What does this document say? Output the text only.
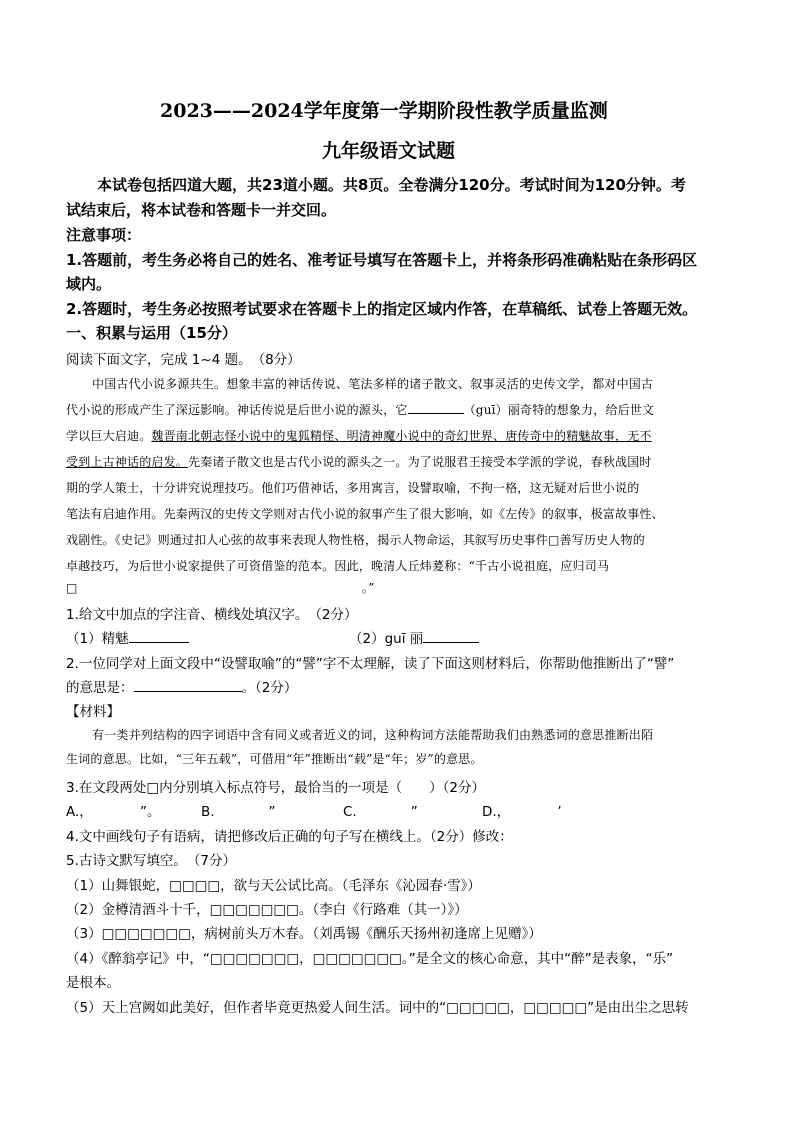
2023——2024学年度第一学期阶段性教学质量监测
九年级语文试题
本试卷包括四道大题，共23道小题。共8页。全卷满分120分。考试时间为120分钟。考
试结束后，将本试卷和答题卡一并交回。
注意事项：
1.答题前，考生务必将自己的姓名、准考证号填写在答题卡上，并将条形码准确粘贴在条形码区
域内。
2.答题时，考生务必按照考试要求在答题卡上的指定区域内作答，在草稿纸、试卷上答题无效。
一、积累与运用（15分）
阅读下面文字，完成 1~4 题。　（8分）
中国古代小说多源共生。想象丰富的神话传说、笔法多样的诸子散文、叙事灵活的史传文学，都对中国古
代小说的形成产生了深远影响。神话传说是后世小说的源头，它	（guī）丽奇特的想象力，给后世文
学以巨大启迪。魏晋南北朝志怪小说中的鬼狐精怪、明清神魔小说中的奇幻世界、唐传奇中的精魅故事，无不
受到上古神话的启发。先秦诸子散文也是古代小说的源头之一。为了说服君王接受本学派的学说，春秋战国时
期的学人策士，十分讲究说理技巧。他们巧借神话，多用寓言，设譬取喻，不拘一格，这无疑对后世小说的
笔法有启迪作用。先秦两汉的史传文学则对古代小说的叙事产生了很大影响，如《左传》的叙事，极富故事性、
戏剧性。《史记》则通过扣人心弦的故事来表现人物性格，揭示人物命运，其叙写历史事件□善写历史人物的
卓越技巧，为后世小说家提供了可资借鉴的范本。因此，晚清人丘炜萲称：“千古小说祖庭，应归司马
□	。”
1.给文中加点的字注音、横线处填汉字。　（2分）
（1）精魅	（2）guī 丽
2.一位同学对上面文段中“设譬取喻”的“譬”字不太理解，读了下面这则材料后，你帮助他推断出了“譬”
的意思是：	。（2分）
【材料】
有一类并列结构的四字词语中含有同义或者近义的词，这种构词方法能帮助我们由熟悉词的意思推断出陌
生词的意思。比如，“三年五载”，可借用“年”推断出“载”是“年；岁”的意思。
3.在文段两处□内分别填入标点符号，最恰当的一项是（　　）（2分）
A.，　　　　”。	B.　　　　”	C.　　　　”	D.，　　　　’
4.文中画线句子有语病，请把修改后正确的句子写在横线上。（2分）修改：
5.古诗文默写填空。　（7分）
（1）山舞银蛇，□□□□，欲与天公试比高。（毛泽东《沁园春·雪》）
（2）金樽清酒斗十千，□□□□□□□。（李白《行路难（其一）》）
（3）□□□□□□□，病树前头万木春。（刘禹锡《酬乐天扬州初逢席上见赠》）
（4）《醉翁亭记》中，“□□□□□□□，□□□□□□□。”是全文的核心命意，其中“醉”是表象，“乐”
是根本。
（5）天上宫阙如此美好，但作者毕竟更热爱人间生活。词中的“□□□□□，□□□□□”是由出尘之思转
